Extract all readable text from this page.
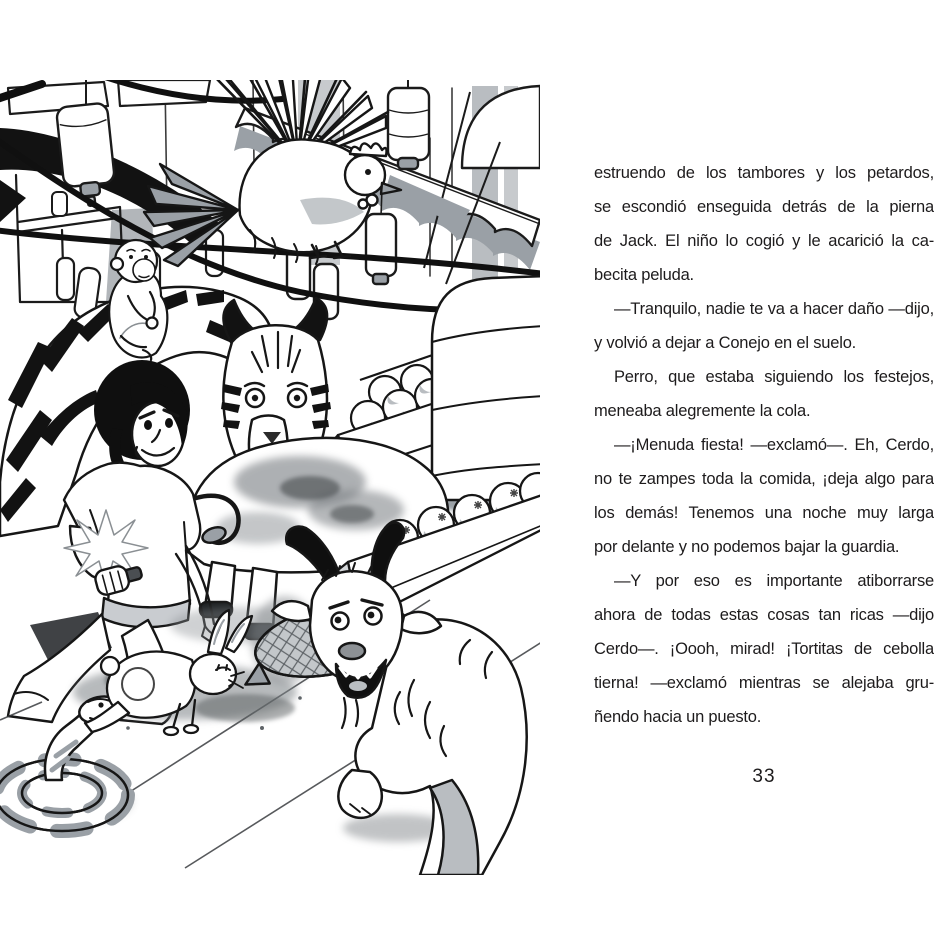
estruendo de los tambores y los petardos,
se escondió enseguida detrás de la pierna
de Jack. El niño lo cogió y le acarició la ca-
becita peluda.
—Tranquilo, nadie te va a hacer daño —dijo,
y volvió a dejar a Conejo en el suelo.
Perro, que estaba siguiendo los festejos,
meneaba alegremente la cola.
—¡Menuda fiesta! —exclamó—. Eh, Cerdo,
no te zampes toda la comida, ¡deja algo para
los demás! Tenemos una noche muy larga
por delante y no podemos bajar la guardia.
—Y por eso es importante atiborrarse
ahora de todas estas cosas tan ricas —dijo
Cerdo—. ¡Oooh, mirad! ¡Tortitas de cebolla
tierna! —exclamó mientras se alejaba gru-
ñendo hacia un puesto.
33
